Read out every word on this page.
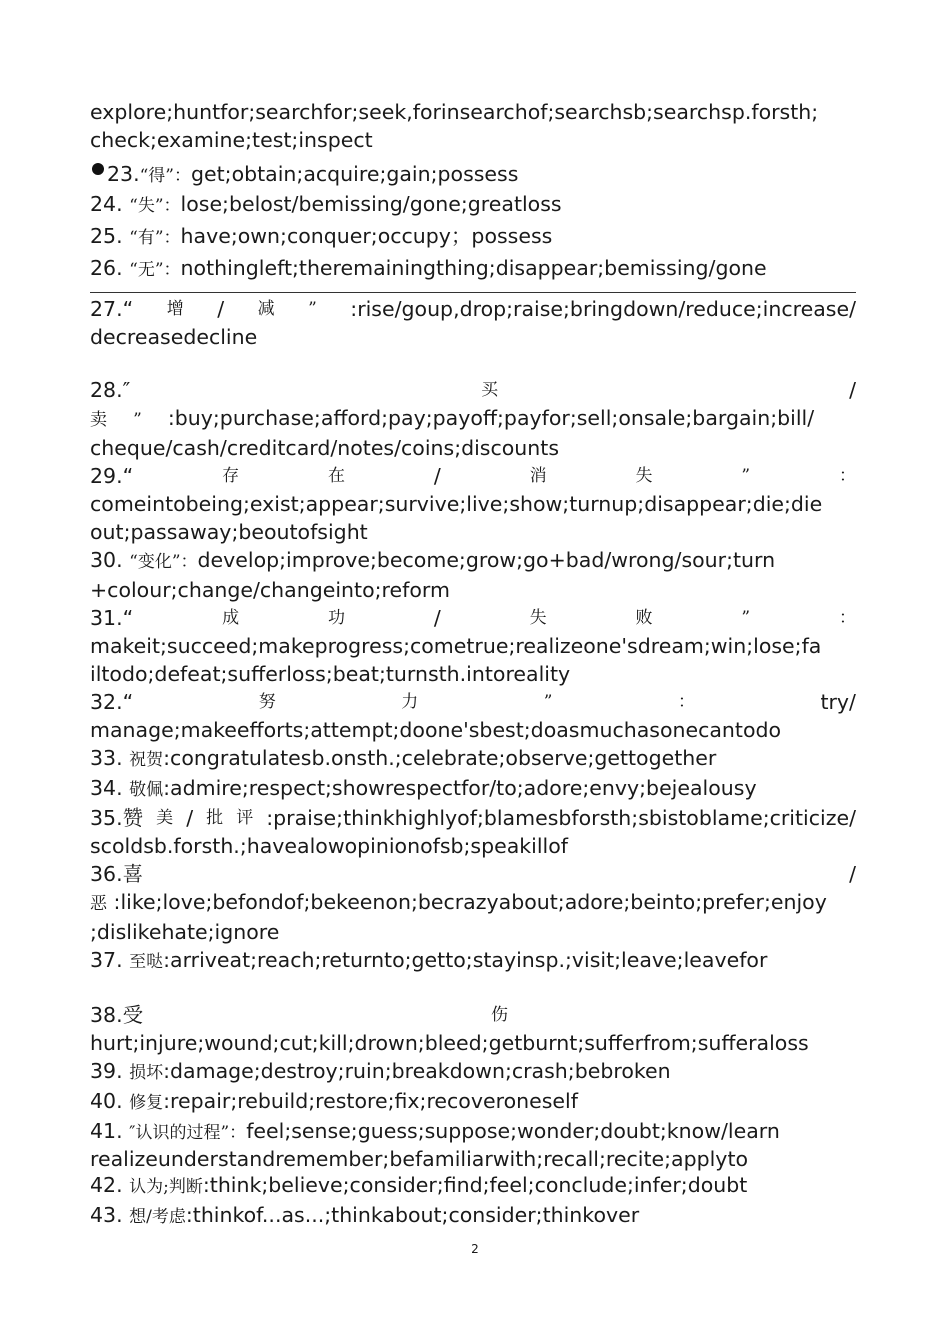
explore;huntfor;searchfor;seek,forinsearchof;searchsb;searchsp.forsth;
check;examine;test;inspect
23.“得”：get;obtain;acquire;gain;possess
24. “失”：lose;belost/bemissing/gone;greatloss
25. “有”：have;own;conquer;occupy；possess
26. “无”：nothingleft;theremainingthing;disappear;bemissing/gone
27.“ 增 / 减 ” :rise/goup,drop;raise;bringdown/reduce;increase/
decreasedecline
28.″	买	/
卖 ” :buy;purchase;afford;pay;payoff;payfor;sell;onsale;bargain;bill/
cheque/cash/creditcard/notes/coins;discounts
29.“	存	在	/	消	失	”	：
comeintobeing;exist;appear;survive;live;show;turnup;disappear;die;die
out;passaway;beoutofsight
30. “变化”：develop;improve;become;grow;go+bad/wrong/sour;turn
+colour;change/changeinto;reform
31.“	成	功	/	失	败	”	：
makeit;succeed;makeprogress;cometrue;realizeone'sdream;win;lose;fa
iltodo;defeat;sufferloss;beat;turnsth.intoreality
32.“	努	力	”	：	try/
manage;makeefforts;attempt;doone'sbest;doasmuchasonecantodo
33. 祝贺:congratulatesb.onsth.;celebrate;observe;gettogether
34. 敬佩:admire;respect;showrespectfor/to;adore;envy;bejealousy
35.赞 美 / 批 评 :praise;thinkhighlyof;blamesbforsth;sbistoblame;criticize/
scoldsb.forsth.;havealowopinionofsb;speakillof
36.喜	/
恶 :like;love;befondof;bekeenon;becrazyabout;adore;beinto;prefer;enjoy
;dislikehate;ignore
37. 至哒:arriveat;reach;returnto;getto;stayinsp.;visit;leave;leavefor
38.受	伤
hurt;injure;wound;cut;kill;drown;bleed;getburnt;sufferfrom;sufferaloss
39. 损坏:damage;destroy;ruin;breakdown;crash;bebroken
40. 修复:repair;rebuild;restore;fix;recoveroneself
41. ″认识的过程”：feel;sense;guess;suppose;wonder;doubt;know/learn
realizeunderstandremember;befamiliarwith;recall;recite;applyto
42. 认为;判断:think;believe;consider;find;feel;conclude;infer;doubt
43. 想/考虑:thinkof...as...;thinkabout;consider;thinkover
2
